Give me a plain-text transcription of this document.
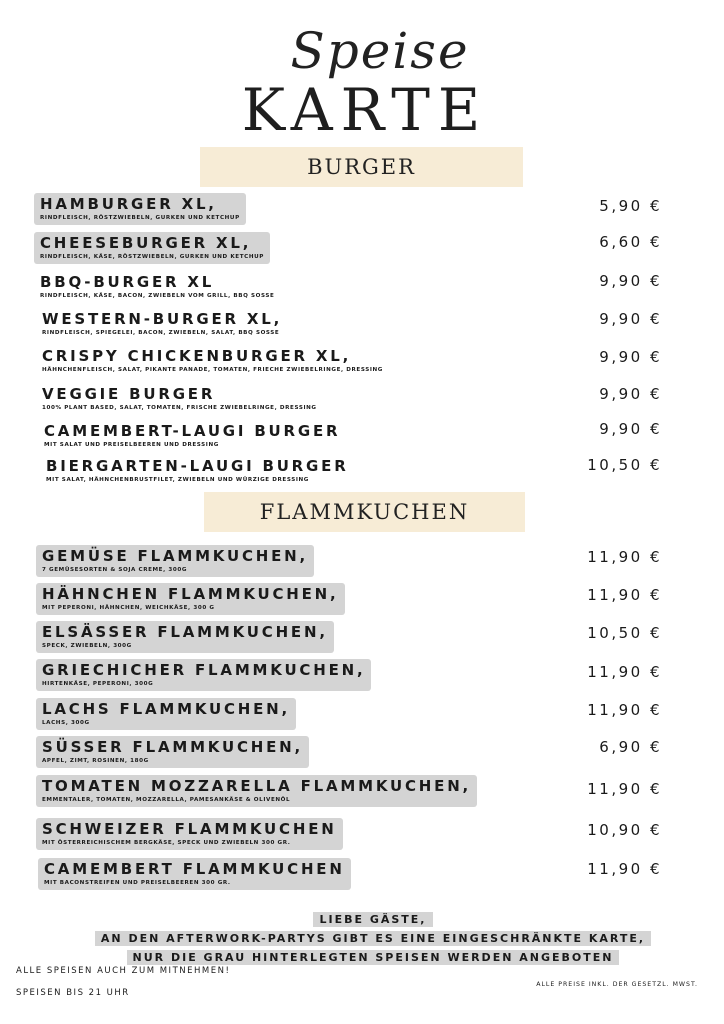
Speise
KARTE
BURGER
FLAMMKUCHEN
HAMBURGER XL,
RINDFLEISCH, RÖSTZWIEBELN, GURKEN UND KETCHUP
5,90 €
CHEESEBURGER XL,
RINDFLEISCH, KÄSE, RÖSTZWIEBELN, GURKEN UND KETCHUP
6,60 €
BBQ-BURGER XL
RINDFLEISCH, KÄSE, BACON, ZWIEBELN VOM GRILL, BBQ SOSSE
9,90 €
WESTERN-BURGER XL,
RINDFLEISCH, SPIEGELEI, BACON, ZWIEBELN, SALAT, BBQ SOSSE
9,90 €
CRISPY CHICKENBURGER XL,
HÄHNCHENFLEISCH, SALAT, PIKANTE PANADE, TOMATEN, FRIECHE ZWIEBELRINGE, DRESSING
9,90 €
VEGGIE BURGER
100% PLANT BASED, SALAT, TOMATEN, FRISCHE ZWIEBELRINGE, DRESSING
9,90 €
CAMEMBERT-LAUGI BURGER
MIT SALAT UND PREISELBEEREN UND DRESSING
9,90 €
BIERGARTEN-LAUGI BURGER
MIT SALAT, HÄHNCHENBRUSTFILET, ZWIEBELN UND WÜRZIGE DRESSING
10,50 €
GEMÜSE FLAMMKUCHEN,
7 GEMÜSESORTEN & SOJA CREME, 300G
11,90 €
HÄHNCHEN FLAMMKUCHEN,
MIT PEPERONI, HÄHNCHEN, WEICHKÄSE, 300 G
11,90 €
ELSÄSSER FLAMMKUCHEN,
SPECK, ZWIEBELN, 300G
10,50 €
GRIECHICHER FLAMMKUCHEN,
HIRTENKÄSE, PEPERONI, 300G
11,90 €
LACHS FLAMMKUCHEN,
LACHS, 300G
11,90 €
SÜSSER FLAMMKUCHEN,
APFEL, ZIMT, ROSINEN, 180G
6,90 €
TOMATEN MOZZARELLA FLAMMKUCHEN,
EMMENTALER, TOMATEN, MOZZARELLA, PAMESANKÄSE & OLIVENÖL
11,90 €
SCHWEIZER FLAMMKUCHEN
MIT ÖSTERREICHISCHEM BERGKÄSE, SPECK UND ZWIEBELN 300 GR.
10,90 €
CAMEMBERT FLAMMKUCHEN
MIT BACONSTREIFEN UND PREISELBEEREN 300 GR.
11,90 €
LIEBE GÄSTE,
AN DEN AFTERWORK-PARTYS GIBT ES EINE EINGESCHRÄNKTE KARTE,
NUR DIE GRAU HINTERLEGTEN SPEISEN WERDEN ANGEBOTEN
ALLE SPEISEN AUCH ZUM MITNEHMEN!
SPEISEN BIS 21 UHR
ALLE PREISE INKL. DER GESETZL. MWST.
